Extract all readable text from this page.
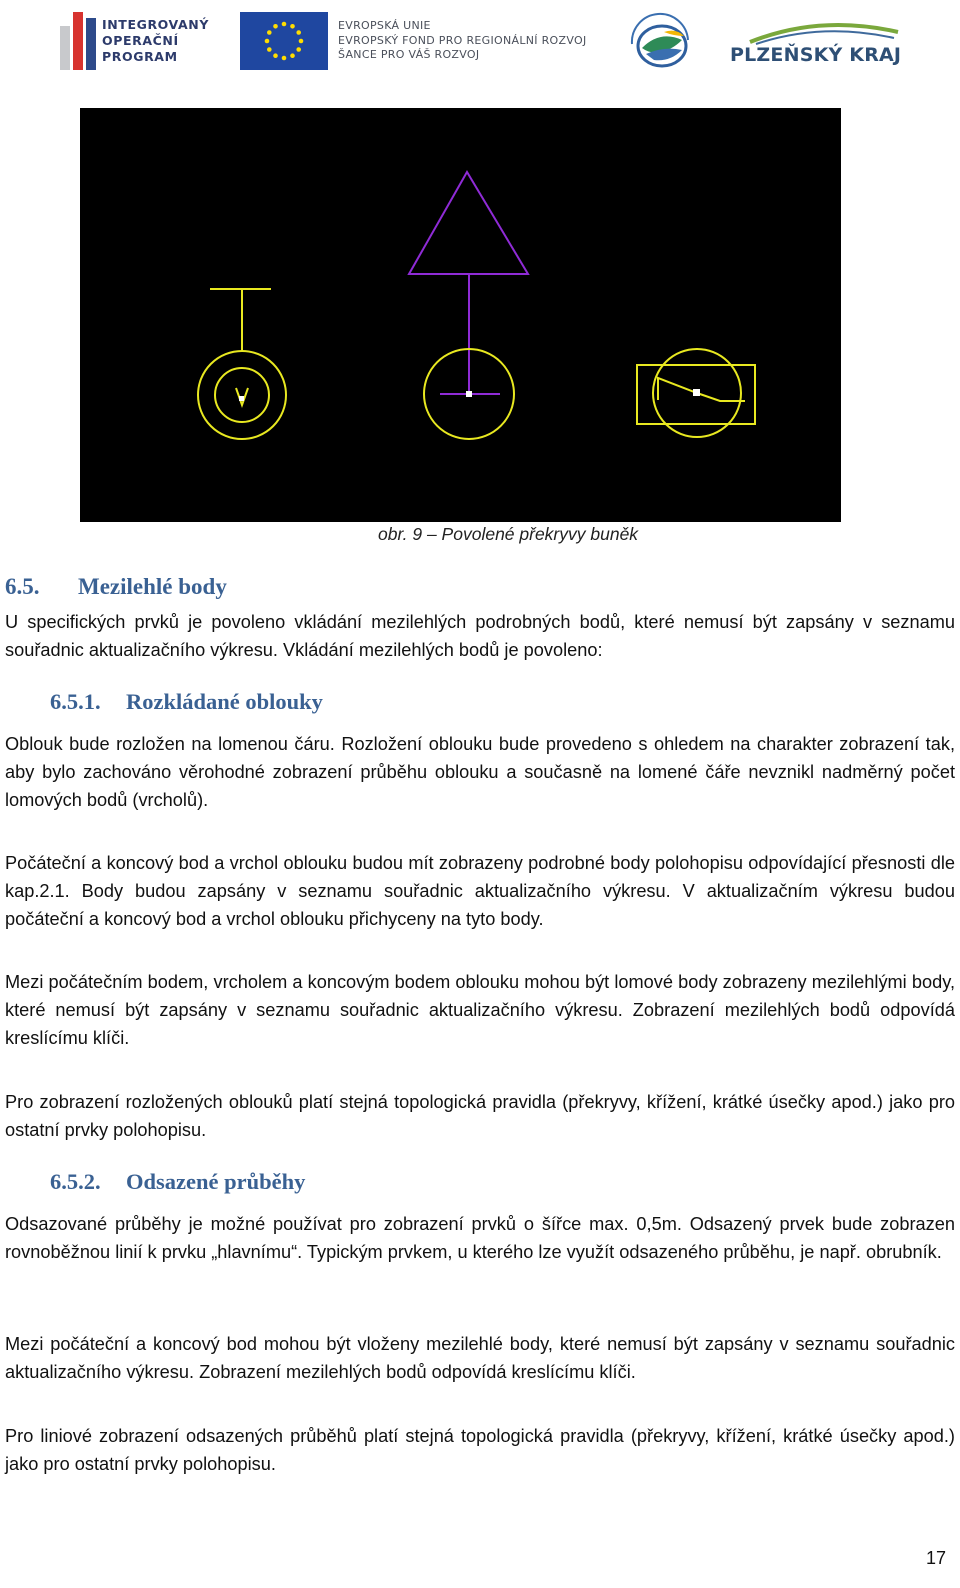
INTEGROVANÝ
OPERAČNÍ
PROGRAM
EVROPSKÁ UNIE
EVROPSKÝ FOND PRO REGIONÁLNÍ ROZVOJ
ŠANCE PRO VÁŠ ROZVOJ	PLZEŇSKÝ KRAJ
obr. 9 – Povolené překryvy buněk
6.5. Mezilehlé body
U specifických prvků je povoleno vkládání mezilehlých podrobných bodů, které nemusí být zapsány v seznamu souřadnic aktualizačního výkresu. Vkládání mezilehlých bodů je povoleno:
6.5.1. Rozkládané oblouky
Oblouk bude rozložen na lomenou čáru. Rozložení oblouku bude provedeno s ohledem na charakter zobrazení tak, aby bylo zachováno věrohodné zobrazení průběhu oblouku a současně na lomené čáře nevznikl nadměrný počet lomových bodů (vrcholů).
Počáteční a koncový bod a vrchol oblouku budou mít zobrazeny podrobné body polohopisu odpovídající přesnosti dle kap.2.1. Body budou zapsány v seznamu souřadnic aktualizačního výkresu. V aktualizačním výkresu budou počáteční a koncový bod a vrchol oblouku přichyceny na tyto body.
Mezi počátečním bodem, vrcholem a koncovým bodem oblouku mohou být lomové body zobrazeny mezilehlými body, které nemusí být zapsány v seznamu souřadnic aktualizačního výkresu. Zobrazení mezilehlých bodů odpovídá kreslícímu klíči.
Pro zobrazení rozložených oblouků platí stejná topologická pravidla (překryvy, křížení, krátké úsečky apod.) jako pro ostatní prvky polohopisu.
6.5.2. Odsazené průběhy
Odsazované průběhy je možné používat pro zobrazení prvků o šířce max. 0,5m. Odsazený prvek bude zobrazen rovnoběžnou linií k prvku „hlavnímu“. Typickým prvkem, u kterého lze využít odsazeného průběhu, je např. obrubník.
Mezi počáteční a koncový bod mohou být vloženy mezilehlé body, které nemusí být zapsány v seznamu souřadnic aktualizačního výkresu. Zobrazení mezilehlých bodů odpovídá kreslícímu klíči.
Pro liniové zobrazení odsazených průběhů platí stejná topologická pravidla (překryvy, křížení, krátké úsečky apod.) jako pro ostatní prvky polohopisu.
17
